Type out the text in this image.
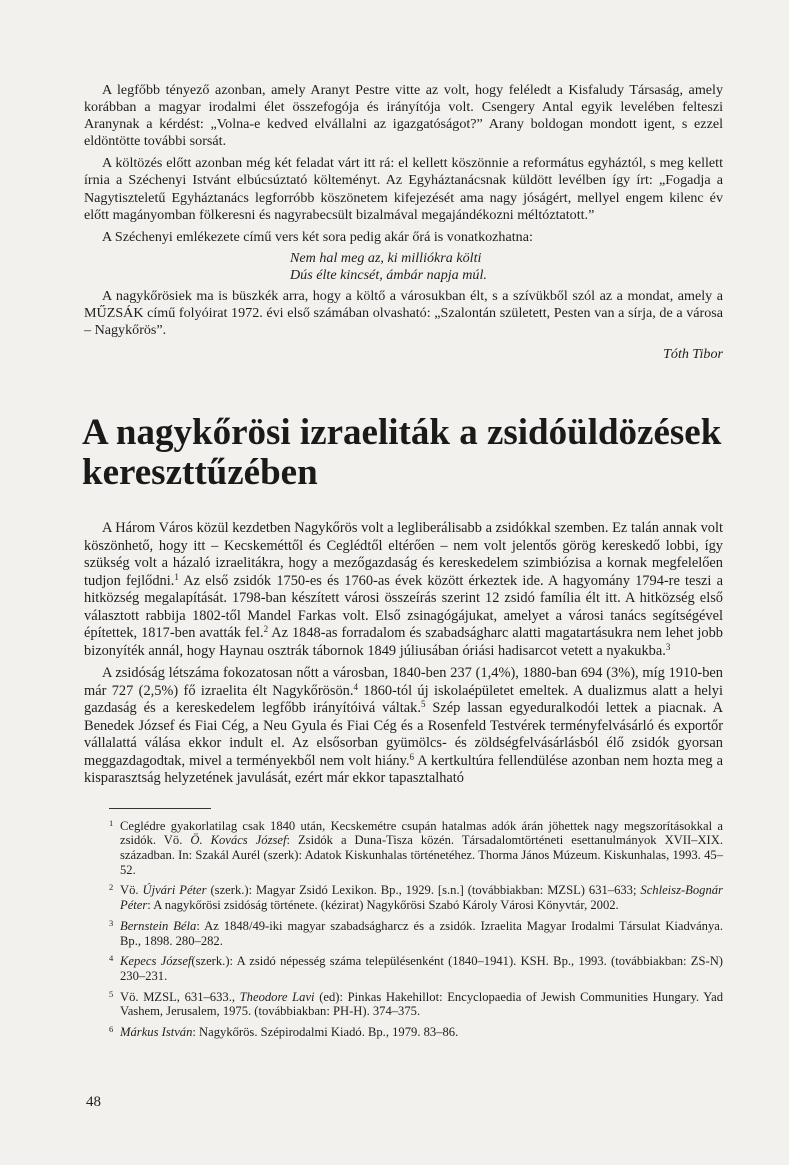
A legfőbb tényező azonban, amely Aranyt Pestre vitte az volt, hogy feléledt a Kisfaludy Társaság, amely korábban a magyar irodalmi élet összefogója és irányítója volt. Csengery Antal egyik levelében felteszi Aranynak a kérdést: „Volna-e kedved elvállalni az igazgatóságot?” Arany boldogan mondott igent, s ezzel eldöntötte további sorsát.

A költözés előtt azonban még két feladat várt itt rá: el kellett köszönnie a református egyháztól, s meg kellett írnia a Széchenyi Istvánt elbúcsúztató költeményt. Az Egyháztanácsnak küldött levélben így írt: „Fogadja a Nagytiszteletű Egyháztanács legforróbb köszönetem kifejezését ama nagy jóságért, mellyel engem kilenc év előtt magányomban fölkeresni és nagyrabecsült bizalmával megajándékozni méltóztatott.”

A Széchenyi emlékezete című vers két sora pedig akár őrá is vonatkozhatna:

Nem hal meg az, ki milliókra költi
Dús élte kincsét, ámbár napja múl.

A nagykőrösiek ma is büszkék arra, hogy a költő a városukban élt, s a szívükből szól az a mondat, amely a MŰZSÁK című folyóirat 1972. évi első számában olvasható: „Szalontán született, Pesten van a sírja, de a városa – Nagykőrös”.

Tóth Tibor
A nagykőrösi izraeliták a zsidóüldözések kereszttűzében

A Három Város közül kezdetben Nagykőrös volt a legliberálisabb a zsidókkal szemben. Ez talán annak volt köszönhető, hogy itt – Kecskeméttől és Ceglédtől eltérően – nem volt jelentős görög kereskedő lobbi, így szükség volt a házaló izraelitákra, hogy a mezőgazdaság és kereskedelem szimbiózisa a kornak megfelelően tudjon fejlődni.$^1$ Az első zsidók 1750-es és 1760-as évek között érkeztek ide. A hagyomány 1794-re teszi a hitközség megalapítását. 1798-ban készített városi összeírás szerint 12 zsidó família élt itt. A hitközség első választott rabbija 1802-től Mandel Farkas volt. Első zsinagógájukat, amelyet a városi tanács segítségével építettek, 1817-ben avatták fel.$^2$ Az 1848-as forradalom és szabadságharc alatti magatartásukra nem lehet jobb bizonyíték annál, hogy Haynau osztrák tábornok 1849 júliusában óriási hadisarcot vetett a nyakukba.$^3$

A zsidóság létszáma fokozatosan nőtt a városban, 1840-ben 237 (1,4%), 1880-ban 694 (3%), míg 1910-ben már 727 (2,5%) fő izraelita élt Nagykőrösön.$^4$ 1860-tól új iskolaépületet emeltek. A dualizmus alatt a helyi gazdaság és a kereskedelem legfőbb irányítóivá váltak.$^5$ Szép lassan egyeduralkodói lettek a piacnak. A Benedek József és Fiai Cég, a Neu Gyula és Fiai Cég és a Rosenfeld Testvérek terményfelvásárló és exportőr vállalattá válása ekkor indult el. Az elsősorban gyümölcs- és zöldségfelvásárlásból élő zsidók gyorsan meggazdagodtak, mivel a terményekből nem volt hiány.$^6$ A kertkultúra fellendülése azonban nem hozta meg a kisparasztság helyzetének javulását, ezért már ekkor tapasztalható

1 Ceglédre gyakorlatilag csak 1840 után, Kecskemétre csupán hatalmas adók árán jöhettek nagy megszorításokkal a zsidók. Vö. Ö. Kovács József: Zsidók a Duna-Tisza közén. Társadalomtörténeti esettanulmányok XVII–XIX. században. In: Szakál Aurél (szerk): Adatok Kiskunhalas történetéhez. Thorma János Múzeum. Kiskunhalas, 1993. 45–52.
2 Vö. Újvári Péter (szerk.): Magyar Zsidó Lexikon. Bp., 1929. [s.n.] (továbbiakban: MZSL) 631–633; Schleisz-Bognár Péter: A nagykőrösi zsidóság története. (kézirat) Nagykőrösi Szabó Károly Városi Könyvtár, 2002.
3 Bernstein Béla: Az 1848/49-iki magyar szabadságharcz és a zsidók. Izraelita Magyar Irodalmi Társulat Kiadványa. Bp., 1898. 280–282.
4 Kepecs József(szerk.): A zsidó népesség száma településenként (1840–1941). KSH. Bp., 1993. (továbbiakban: ZS-N) 230–231.
5 Vö. MZSL, 631–633., Theodore Lavi (ed): Pinkas Hakehillot: Encyclopaedia of Jewish Communities Hungary. Yad Vashem, Jerusalem, 1975. (továbbiakban: PH-H). 374–375.
6 Márkus István: Nagykőrös. Szépirodalmi Kiadó. Bp., 1979. 83–86.
48
